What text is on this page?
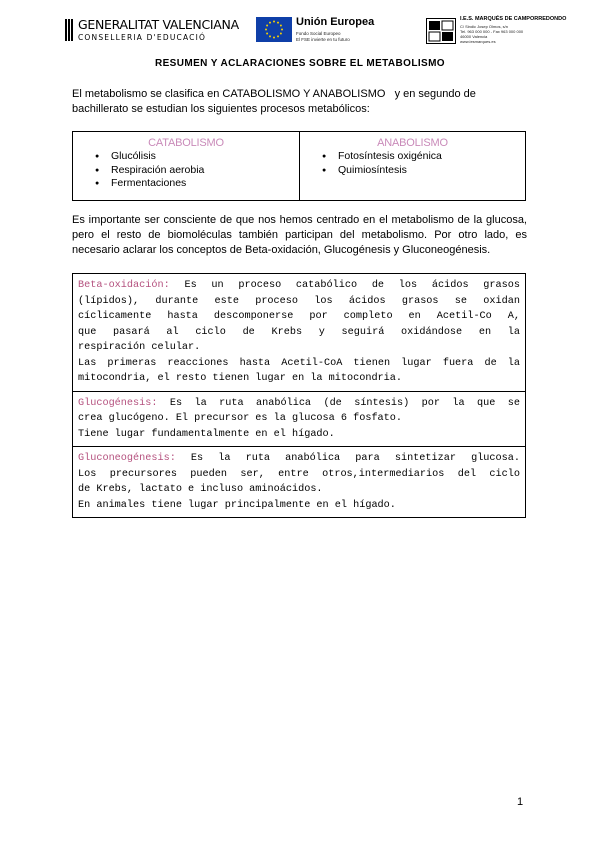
GENERALITAT VALENCIANA
CONSELLERIA D'EDUCACIÓ
Unión Europea
Fondo Social Europeo
El FSE invierte en tu futuro
I.E.S. MARQUÉS DE CAMPORREDONDO
C/ Sindic Josep Olmos, s/n
Tel. 963 000 000 - Fax 963 000 000
46000 Valencia
www.iesmarques.es
RESUMEN Y ACLARACIONES SOBRE EL METABOLISMO
El metabolismo se clasifica en CATABOLISMO Y ANABOLISMO   y en segundo de
bachillerato se estudian los siguientes procesos metabólicos:
CATABOLISMO
● Glucólisis
● Respiración aerobia
● Fermentaciones
ANABOLISMO
● Fotosíntesis oxigénica
● Quimiosíntesis
Es importante ser consciente de que nos hemos centrado en el metabolismo de la glucosa,
pero el resto de biomoléculas también participan del metabolismo. Por otro lado, es
necesario aclarar los conceptos de Beta-oxidación, Glucogénesis y Gluconeogénesis.
Beta-oxidación: Es un proceso catabólico de los ácidos grasos
(lípidos), durante este proceso los ácidos grasos se oxidan
cíclicamente hasta descomponerse por completo en Acetil-Co A,
que pasará al ciclo de Krebs y seguirá oxidándose en la
respiración celular.
Las primeras reacciones hasta Acetil-CoA tienen lugar fuera de la
mitocondria, el resto tienen lugar en la mitocondria.
Glucogénesis: Es la ruta anabólica (de síntesis) por la que se
crea glucógeno. El precursor es la glucosa 6 fosfato.
Tiene lugar fundamentalmente en el hígado.
Gluconeogénesis: Es la ruta anabólica para sintetizar glucosa.
Los precursores pueden ser, entre otros,intermediarios del ciclo
de Krebs, lactato e incluso aminoácidos.
En animales tiene lugar principalmente en el hígado.
1
